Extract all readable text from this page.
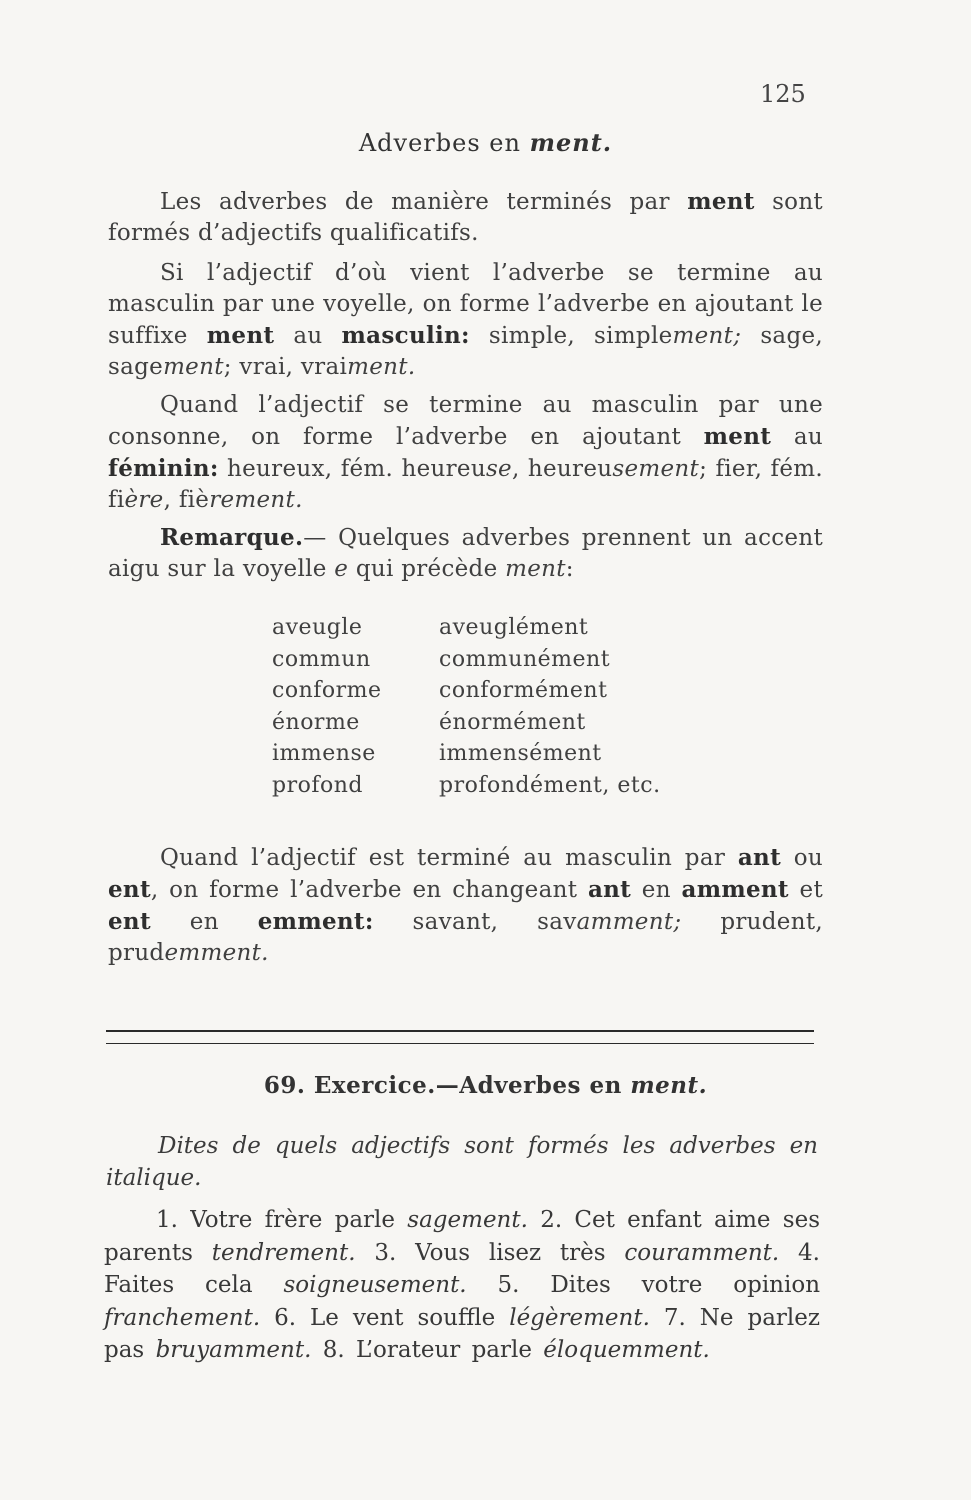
125
Adverbes en ment.
Les adverbes de manière terminés par ment sont formés d’adjectifs qualificatifs.
Si l’adjectif d’où vient l’adverbe se termine au masculin par une voyelle, on forme l’adverbe en ajoutant le suffixe ment au masculin: simple, simplement; sage, sagement; vrai, vraiment.
Quand l’adjectif se termine au masculin par une consonne, on forme l’adverbe en ajoutant ment au féminin: heureux, fém. heureuse, heureusement; fier, fém. fière, fièrement.
Remarque.— Quelques adverbes prennent un accent aigu sur la voyelle e qui précède ment:
aveugle	aveuglément
commun	communément
conforme	conformément
énorme	énormément
immense	immensément
profond	profondément, etc.
Quand l’adjectif est terminé au masculin par ant ou ent, on forme l’adverbe en changeant ant en amment et ent en emment: savant, savamment; prudent, prudemment.
69. Exercice.—Adverbes en ment.
Dites de quels adjectifs sont formés les adverbes en italique.
1. Votre frère parle sagement. 2. Cet enfant aime ses parents tendrement. 3. Vous lisez très couramment. 4. Faites cela soigneusement. 5. Dites votre opinion franchement. 6. Le vent souffle légèrement. 7. Ne parlez pas bruyamment. 8. L’orateur parle éloquemment.
